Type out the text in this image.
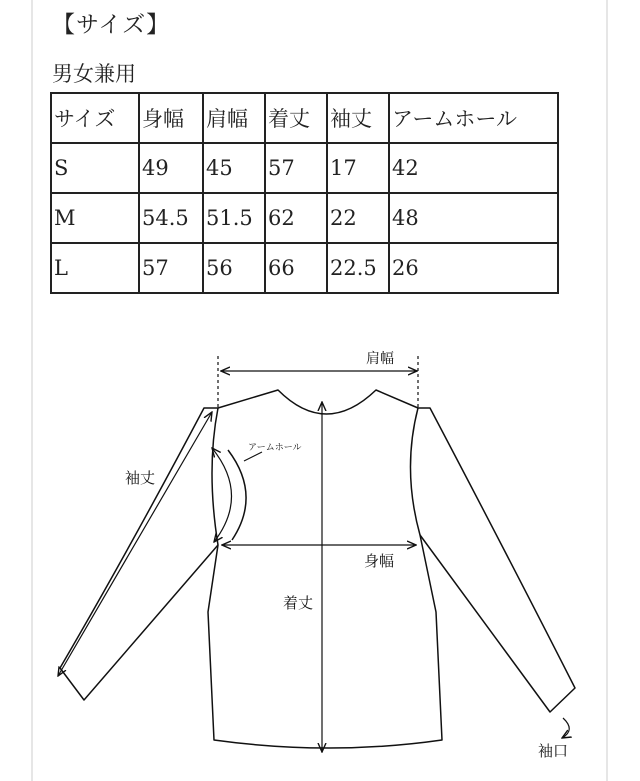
【サイズ】
男女兼用
サイズ	身幅	肩幅	着丈	袖丈	アームホール
S	49	45	57	17	42
M	54.5	51.5	62	22	48
L	57	56	66	22.5	26
肩幅
アームホール
袖丈
身幅
着丈
袖口
